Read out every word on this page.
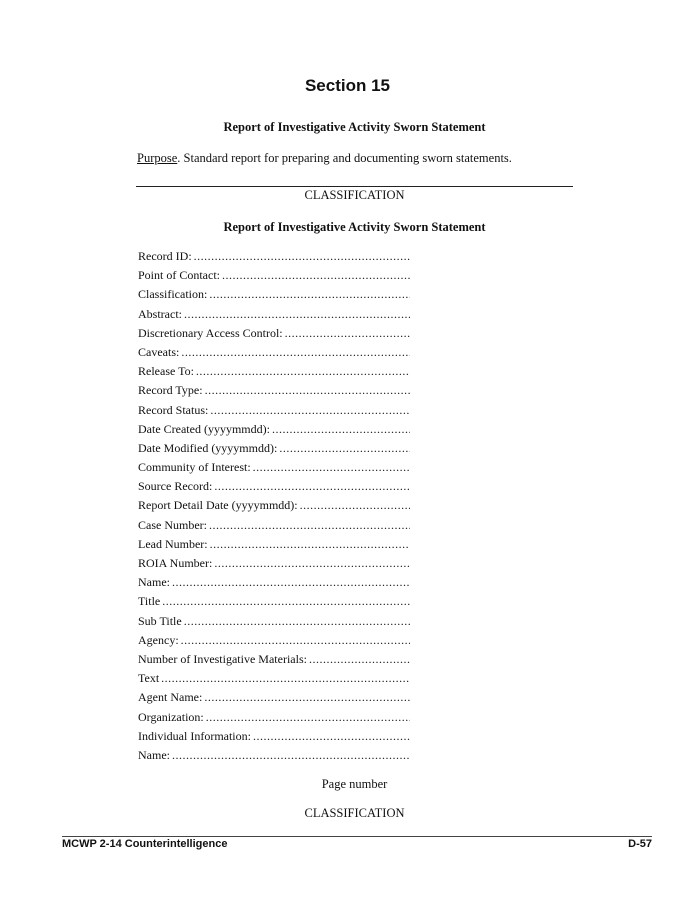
Section 15
Report of Investigative Activity Sworn Statement
Purpose. Standard report for preparing and documenting sworn statements.
CLASSIFICATION
Report of Investigative Activity Sworn Statement
Record ID:
.....
Point of Contact:
.....
Classification:
.....
Abstract:
.....
Discretionary Access Control:
.....
Caveats:
.....
Release To:
.....
Record Type:
.....
Record Status:
.....
Date Created (yyyymmdd):
.....
Date Modified (yyyymmdd):
.....
Community of Interest:
.....
Source Record:
.....
Report Detail Date (yyyymmdd):
.....
Case Number:
.....
Lead Number:
.....
ROIA Number:
.....
Name:
.....
Title
.....
Sub Title
.....
Agency:
.....
Number of Investigative Materials:
.....
Text
.....
Agent Name:
.....
Organization:
.....
Individual Information:
.....
Name:
.....
Page number
CLASSIFICATION
MCWP 2-14 Counterintelligence	D-57
